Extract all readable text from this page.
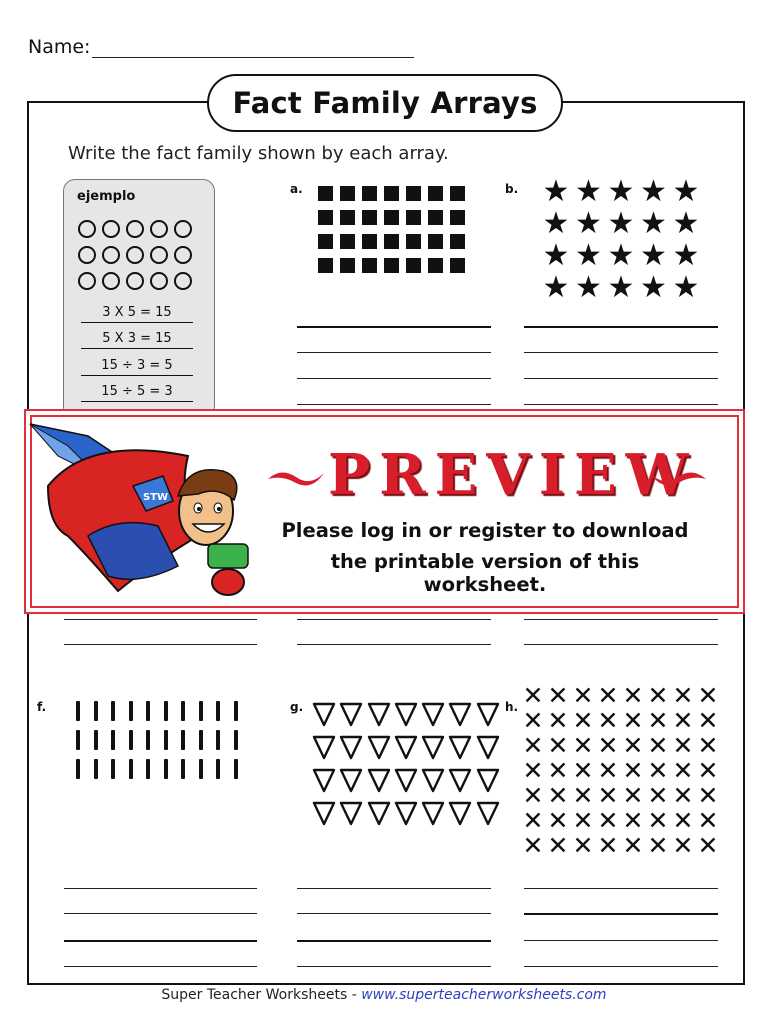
Name:
Fact Family Arrays
Write the fact family shown by each array.
ejemplo
3 X 5 = 15
5 X 3 = 15
15 ÷ 3 = 5
15 ÷ 5 = 3
a.	b. ★ ★ ★ ★ ★
★ ★ ★ ★ ★
★ ★ ★ ★ ★
★ ★ ★ ★ ★
f.	g.	h. ✕ ✕ ✕ ✕ ✕ ✕ ✕ ✕
✕ ✕ ✕ ✕ ✕ ✕ ✕ ✕
✕ ✕ ✕ ✕ ✕ ✕ ✕ ✕
✕ ✕ ✕ ✕ ✕ ✕ ✕ ✕
✕ ✕ ✕ ✕ ✕ ✕ ✕ ✕
✕ ✕ ✕ ✕ ✕ ✕ ✕ ✕
✕ ✕ ✕ ✕ ✕ ✕ ✕ ✕
STW	PREVIEW
Please log in or register to download
the printable version of this worksheet.
Super Teacher Worksheets - www.superteacherworksheets.com
